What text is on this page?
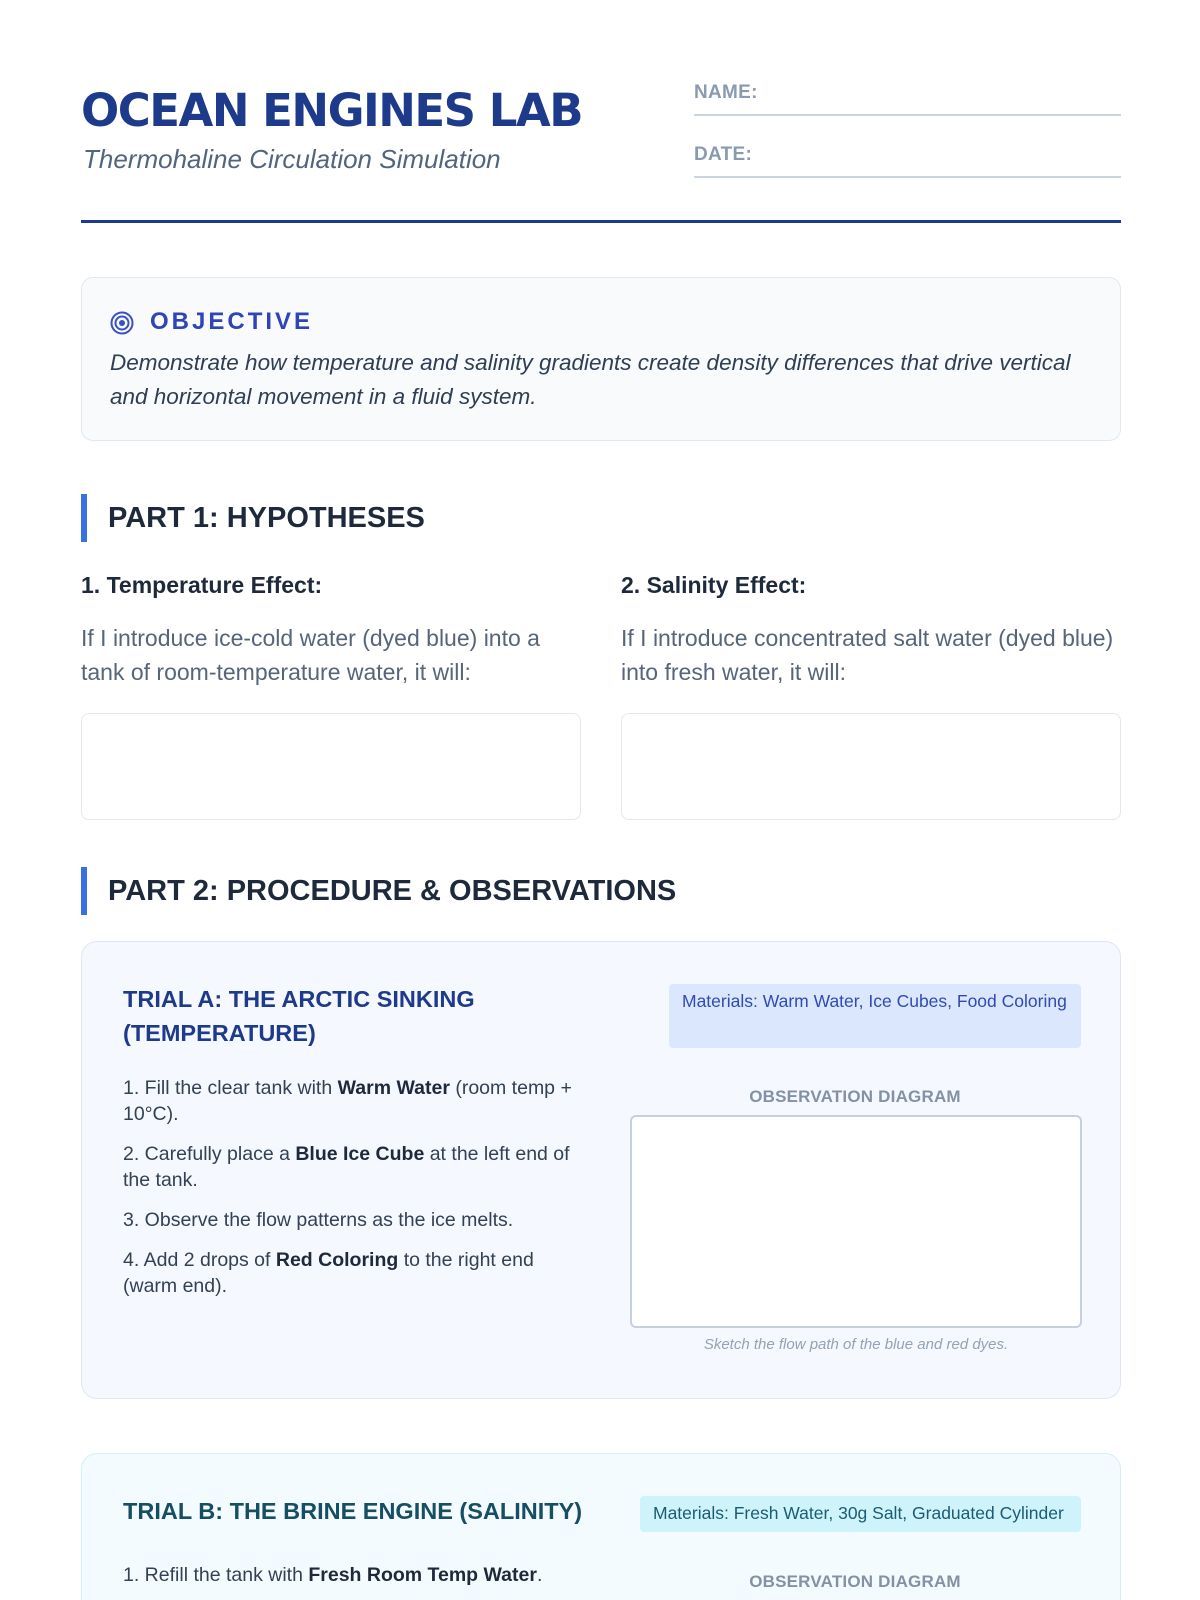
OCEAN ENGINES LAB
Thermohaline Circulation Simulation
NAME:
DATE:
OBJECTIVE
Demonstrate how temperature and salinity gradients create density differences that drive vertical and horizontal movement in a fluid system.
PART 1: HYPOTHESES
1. Temperature Effect:
If I introduce ice-cold water (dyed blue) into a tank of room-temperature water, it will:
2. Salinity Effect:
If I introduce concentrated salt water (dyed blue) into fresh water, it will:
PART 2: PROCEDURE & OBSERVATIONS
TRIAL A: THE ARCTIC SINKING (TEMPERATURE)
Materials: Warm Water, Ice Cubes, Food Coloring
1. Fill the clear tank with Warm Water (room temp + 10°C).
2. Carefully place a Blue Ice Cube at the left end of the tank.
3. Observe the flow patterns as the ice melts.
4. Add 2 drops of Red Coloring to the right end (warm end).
OBSERVATION DIAGRAM
Sketch the flow path of the blue and red dyes.
TRIAL B: THE BRINE ENGINE (SALINITY)	Materials: Fresh Water, 30g Salt, Graduated Cylinder
1. Refill the tank with Fresh Room Temp Water.	OBSERVATION DIAGRAM
